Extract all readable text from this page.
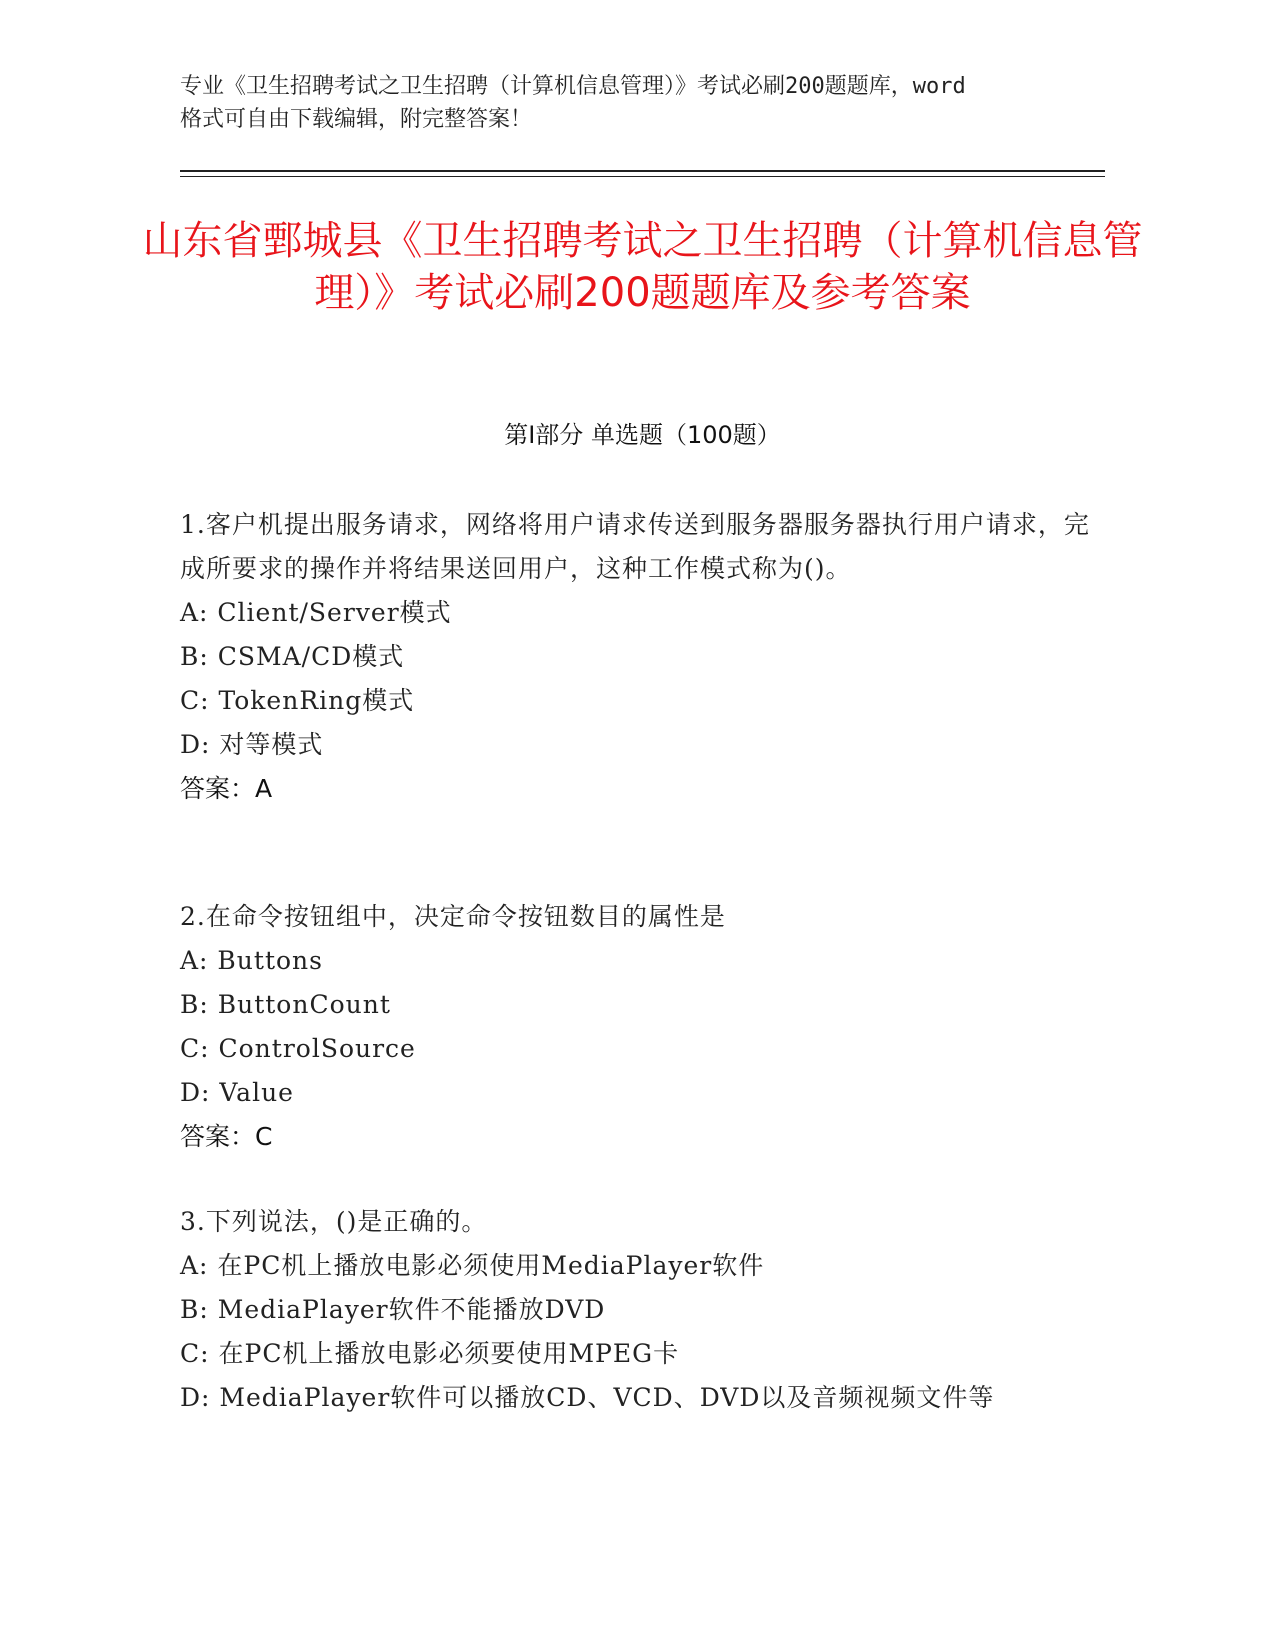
专业《卫生招聘考试之卫生招聘（计算机信息管理）》考试必刷200题题库，word
格式可自由下载编辑，附完整答案！

山东省鄄城县《卫生招聘考试之卫生招聘（计算机信息管理）》考试必刷200题题库及参考答案
第Ⅰ部分 单选题（100题）

1.客户机提出服务请求，网络将用户请求传送到服务器服务器执行用户请求，完成所要求的操作并将结果送回用户，这种工作模式称为()。

A: Client/Server模式

B: CSMA/CD模式

C: TokenRing模式

D: 对等模式

答案：A

2.在命令按钮组中，决定命令按钮数目的属性是

A: Buttons

B: ButtonCount

C: ControlSource

D: Value

答案：C

3.下列说法，()是正确的。

A: 在PC机上播放电影必须使用MediaPlayer软件

B: MediaPlayer软件不能播放DVD

C: 在PC机上播放电影必须要使用MPEG卡

D: MediaPlayer软件可以播放CD、VCD、DVD以及音频视频文件等
